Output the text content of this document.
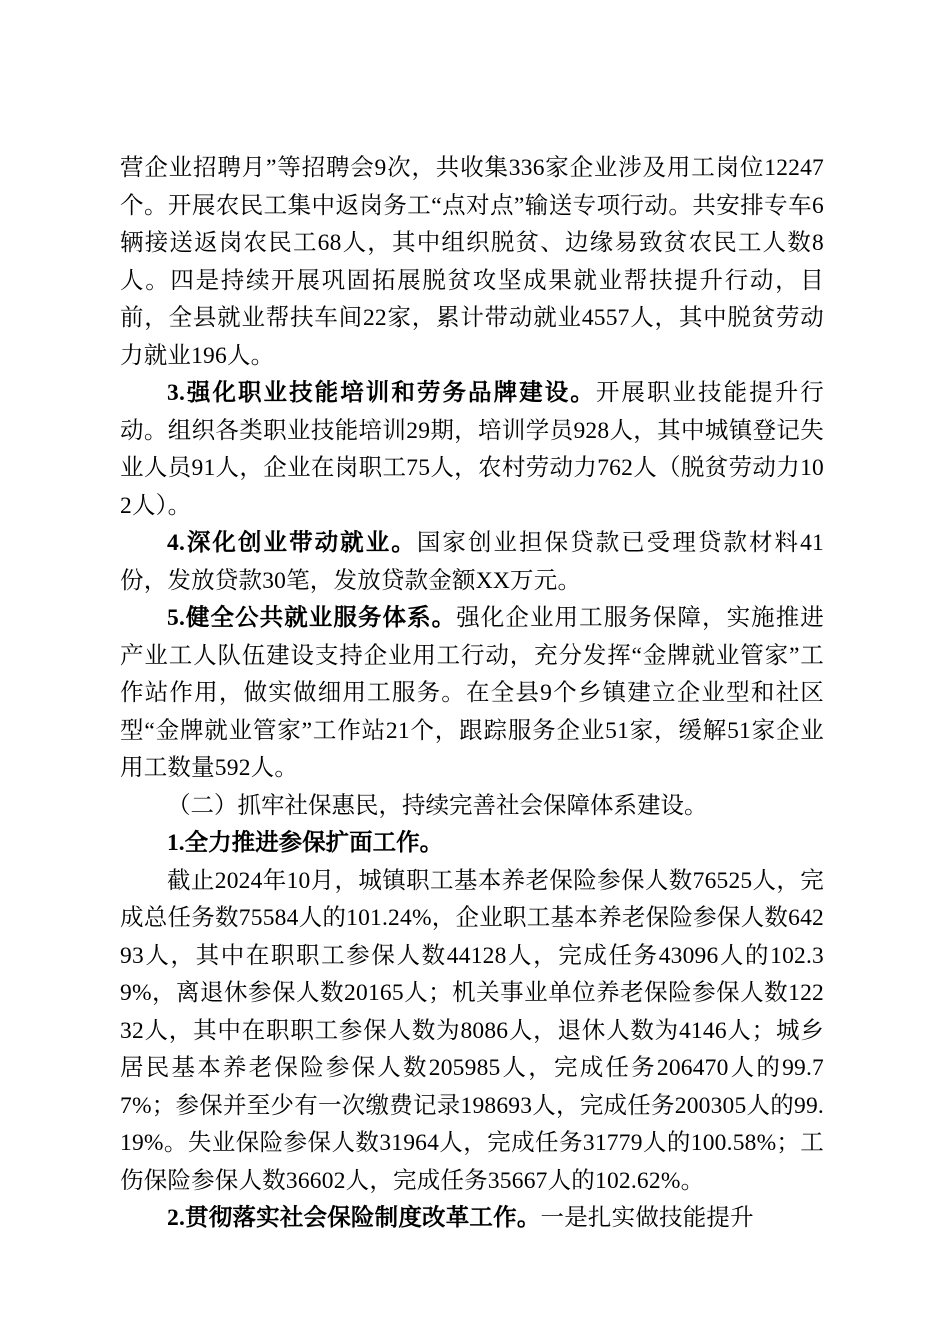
营企业招聘月”等招聘会9次，共收集336家企业涉及用工岗位12247个。开展农民工集中返岗务工“点对点”输送专项行动。共安排专车6辆接送返岗农民工68人，其中组织脱贫、边缘易致贫农民工人数8人。四是持续开展巩固拓展脱贫攻坚成果就业帮扶提升行动，目前，全县就业帮扶车间22家，累计带动就业4557人，其中脱贫劳动力就业196人。

3.强化职业技能培训和劳务品牌建设。开展职业技能提升行动。组织各类职业技能培训29期，培训学员928人，其中城镇登记失业人员91人，企业在岗职工75人，农村劳动力762人（脱贫劳动力102人）。

4.深化创业带动就业。国家创业担保贷款已受理贷款材料41份，发放贷款30笔，发放贷款金额XX万元。

5.健全公共就业服务体系。强化企业用工服务保障，实施推进产业工人队伍建设支持企业用工行动，充分发挥“金牌就业管家”工作站作用，做实做细用工服务。在全县9个乡镇建立企业型和社区型“金牌就业管家”工作站21个，跟踪服务企业51家，缓解51家企业用工数量592人。

（二）抓牢社保惠民，持续完善社会保障体系建设。

1.全力推进参保扩面工作。

截止2024年10月，城镇职工基本养老保险参保人数76525人，完成总任务数75584人的101.24%，企业职工基本养老保险参保人数64293人，其中在职职工参保人数44128人，完成任务43096人的102.39%，离退休参保人数20165人；机关事业单位养老保险参保人数12232人，其中在职职工参保人数为8086人，退休人数为4146人；城乡居民基本养老保险参保人数205985人，完成任务206470人的99.77%；参保并至少有一次缴费记录198693人，完成任务200305人的99.19%。失业保险参保人数31964人，完成任务31779人的100.58%；工伤保险参保人数36602人，完成任务35667人的102.62%。

2.贯彻落实社会保险制度改革工作。一是扎实做技能提升
